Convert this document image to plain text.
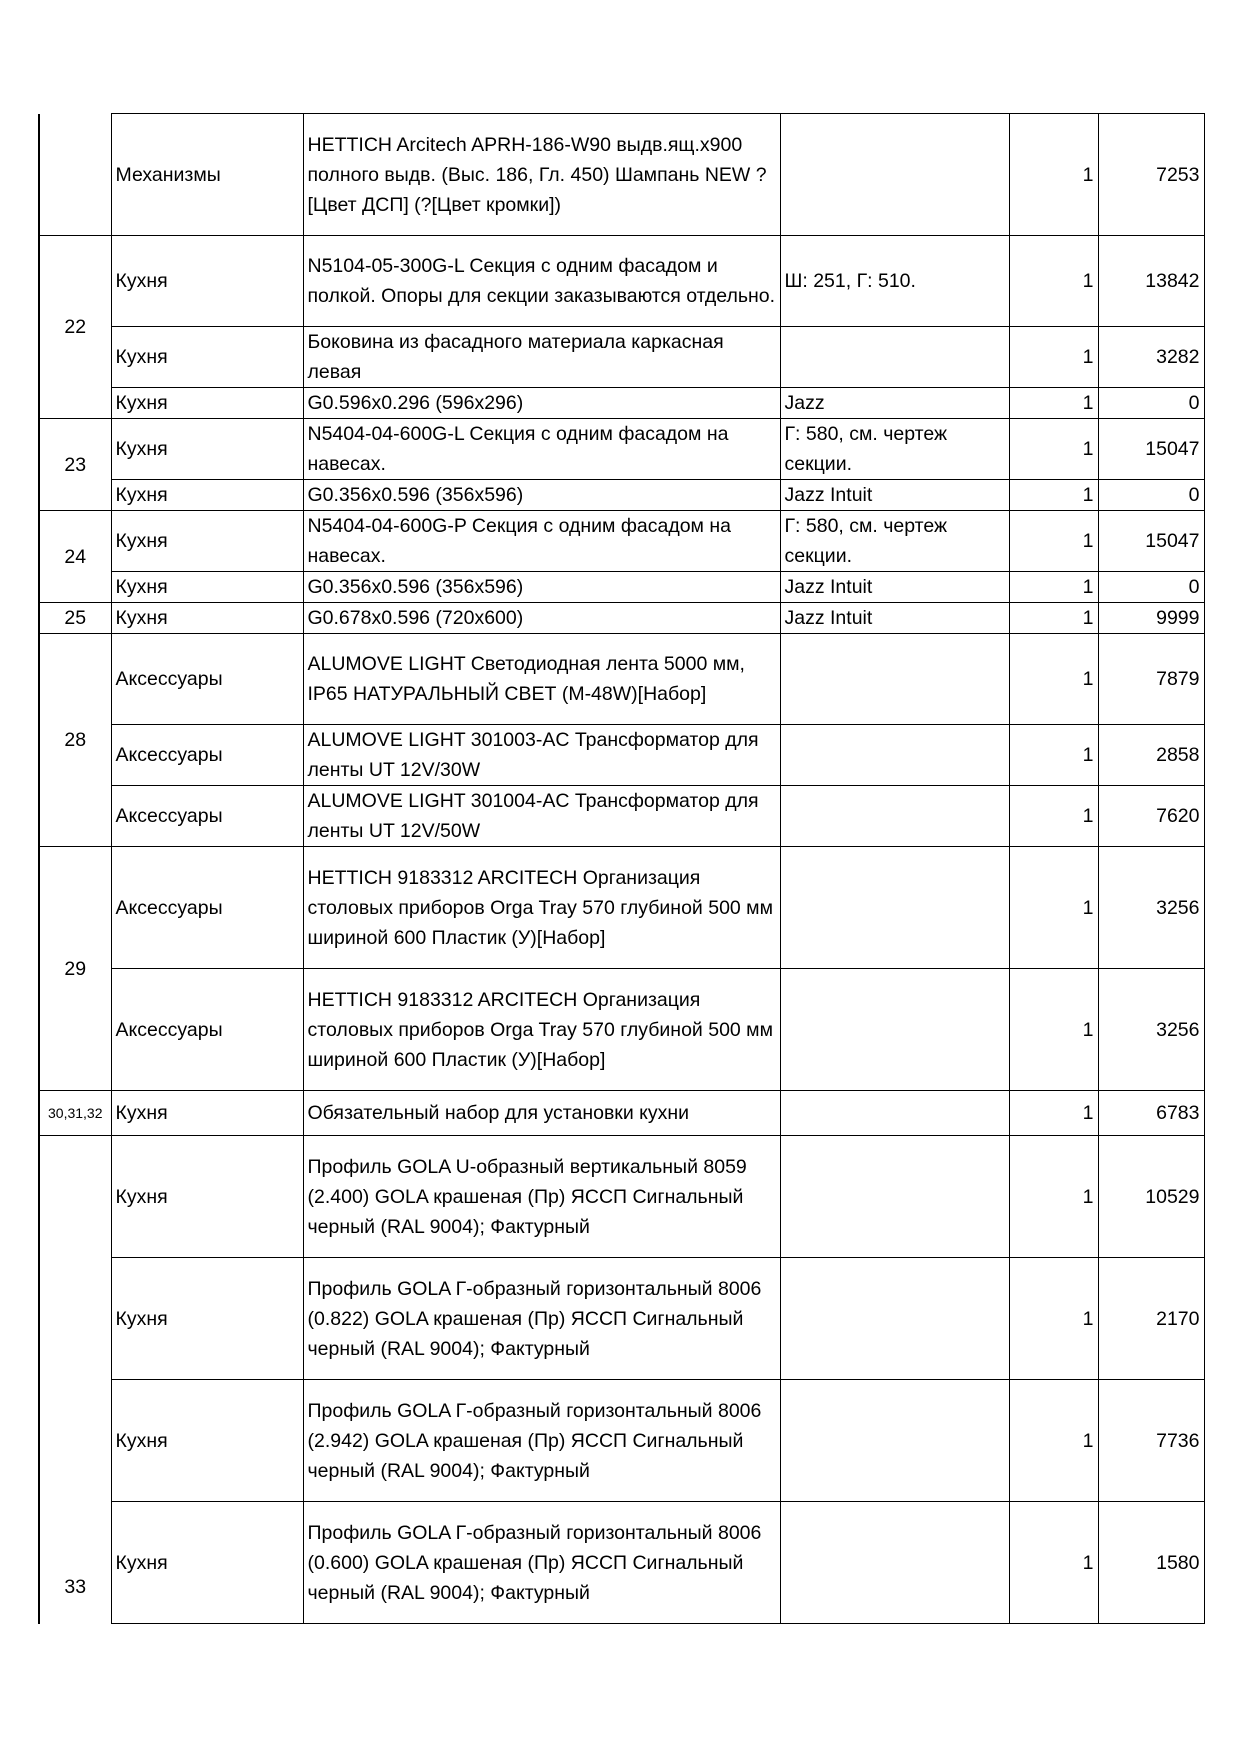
	Механизмы	HETTICH Arcitech APRH-186-W90 выдв.ящ.x900 полного выдв. (Выс. 186, Гл. 450) Шампань NEW ?[Цвет ДСП] (?[Цвет кромки])		1	7253
22	Кухня	N5104-05-300G-L Секция с одним фасадом и полкой. Опоры для секции заказываются отдельно.	Ш: 251, Г: 510.	1	13842
	Кухня	Боковина из фасадного материала каркасная левая		1	3282
	Кухня	G0.596x0.296 (596x296)	Jazz	1	0
23	Кухня	N5404-04-600G-L Секция с одним фасадом на навесах.	Г: 580, см. чертеж секции.	1	15047
	Кухня	G0.356x0.596 (356x596)	Jazz Intuit	1	0
24	Кухня	N5404-04-600G-P Секция с одним фасадом на навесах.	Г: 580, см. чертеж секции.	1	15047
	Кухня	G0.356x0.596 (356x596)	Jazz Intuit	1	0
25	Кухня	G0.678x0.596 (720x600)	Jazz Intuit	1	9999
28	Аксессуары	ALUMOVE LIGHT Светодиодная лента 5000 мм, IP65 НАТУРАЛЬНЫЙ СВЕТ (M-48W)[Набор]		1	7879
	Аксессуары	ALUMOVE LIGHT 301003-AC Трансформатор для ленты UT 12V/30W		1	2858
	Аксессуары	ALUMOVE LIGHT 301004-AC Трансформатор для ленты UT 12V/50W		1	7620
29	Аксессуары	HETTICH 9183312 ARCITECH Организация столовых приборов Orga Tray 570 глубиной 500 мм шириной 600 Пластик (У)[Набор]		1	3256
	Аксессуары	HETTICH 9183312 ARCITECH Организация столовых приборов Orga Tray 570 глубиной 500 мм шириной 600 Пластик (У)[Набор]		1	3256
30,31,32	Кухня	Обязательный набор для установки кухни		1	6783
33	Кухня	Профиль GOLA U-образный вертикальный 8059 (2.400) GOLA крашеная (Пр) ЯССП Сигнальный черный (RAL 9004); Фактурный		1	10529
	Кухня	Профиль GOLA Г-образный горизонтальный 8006 (0.822) GOLA крашеная (Пр) ЯССП Сигнальный черный (RAL 9004); Фактурный		1	2170
	Кухня	Профиль GOLA Г-образный горизонтальный 8006 (2.942) GOLA крашеная (Пр) ЯССП Сигнальный черный (RAL 9004); Фактурный		1	7736
	Кухня	Профиль GOLA Г-образный горизонтальный 8006 (0.600) GOLA крашеная (Пр) ЯССП Сигнальный черный (RAL 9004); Фактурный		1	1580
